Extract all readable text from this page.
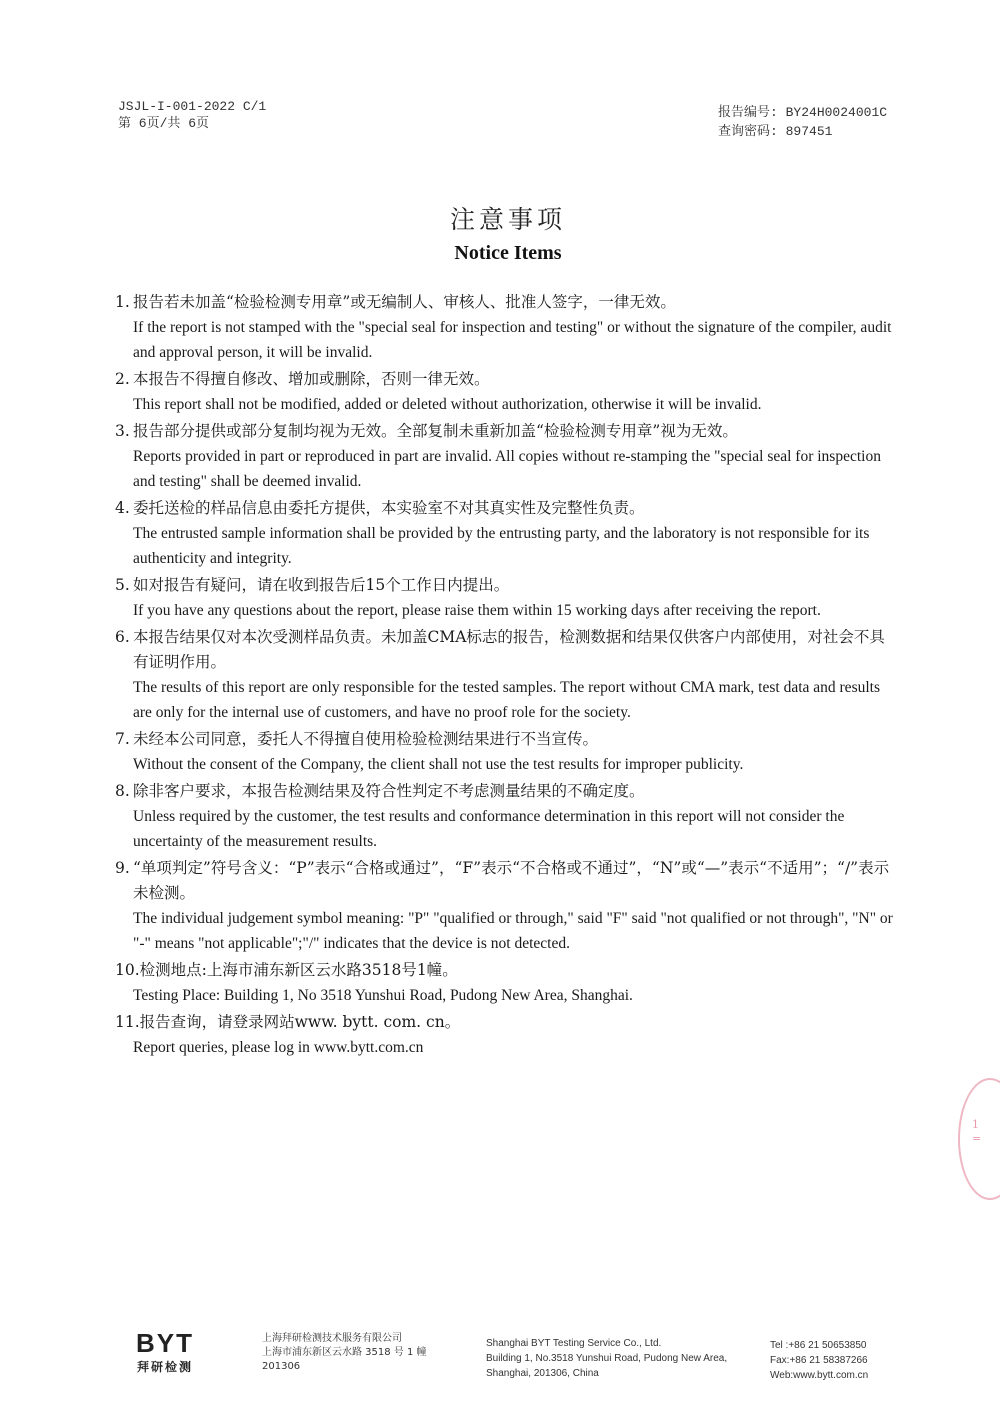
JSJL-I-001-2022 C/1
第 6页/共 6页
报告编号: BY24H0024001C
查询密码: 897451
注意事项
Notice Items
1. 报告若未加盖“检验检测专用章”或无编制人、审核人、批准人签字，一律无效。
If the report is not stamped with the "special seal for inspection and testing" or without the signature of the compiler, audit and approval person, it will be invalid.
2. 本报告不得擅自修改、增加或删除，否则一律无效。
This report shall not be modified, added or deleted without authorization, otherwise it will be invalid.
3. 报告部分提供或部分复制均视为无效。全部复制未重新加盖“检验检测专用章”视为无效。
Reports provided in part or reproduced in part are invalid. All copies without re-stamping the "special seal for inspection and testing" shall be deemed invalid.
4. 委托送检的样品信息由委托方提供，本实验室不对其真实性及完整性负责。
The entrusted sample information shall be provided by the entrusting party, and the laboratory is not responsible for its authenticity and integrity.
5. 如对报告有疑问，请在收到报告后15个工作日内提出。
If you have any questions about the report, please raise them within 15 working days after receiving the report.
6. 本报告结果仅对本次受测样品负责。未加盖CMA标志的报告，检测数据和结果仅供客户内部使用，对社会不具有证明作用。
The results of this report are only responsible for the tested samples. The report without CMA mark, test data and results are only for the internal use of customers, and have no proof role for the society.
7. 未经本公司同意，委托人不得擅自使用检验检测结果进行不当宣传。
Without the consent of the Company, the client shall not use the test results for improper publicity.
8. 除非客户要求，本报告检测结果及符合性判定不考虑测量结果的不确定度。
Unless required by the customer, the test results and conformance determination in this report will not consider the uncertainty of the measurement results.
9. “单项判定”符号含义：“P”表示“合格或通过”，“F”表示“不合格或不通过”，“N”或“—”表示“不适用”；“/”表示未检测。
The individual judgement symbol meaning: "P" "qualified or through," said "F" said "not qualified or not through", "N" or "-" means "not applicable";"/" indicates that the device is not detected.
10. 检测地点:上海市浦东新区云水路3518号1幢。
Testing Place: Building 1, No 3518 Yunshui Road, Pudong New Area, Shanghai.
11. 报告查询，请登录网站www. bytt. com. cn。
Report queries, please log in www.bytt.com.cn
1
=
BYT
拜研检测
上海拜研检测技术服务有限公司
上海市浦东新区云水路 3518 号 1 幢
201306
Shanghai BYT Testing Service Co., Ltd.
Building 1, No.3518 Yunshui Road, Pudong New Area,
Shanghai, 201306, China
Tel :+86 21 50653850
Fax:+86 21 58387266
Web:www.bytt.com.cn
